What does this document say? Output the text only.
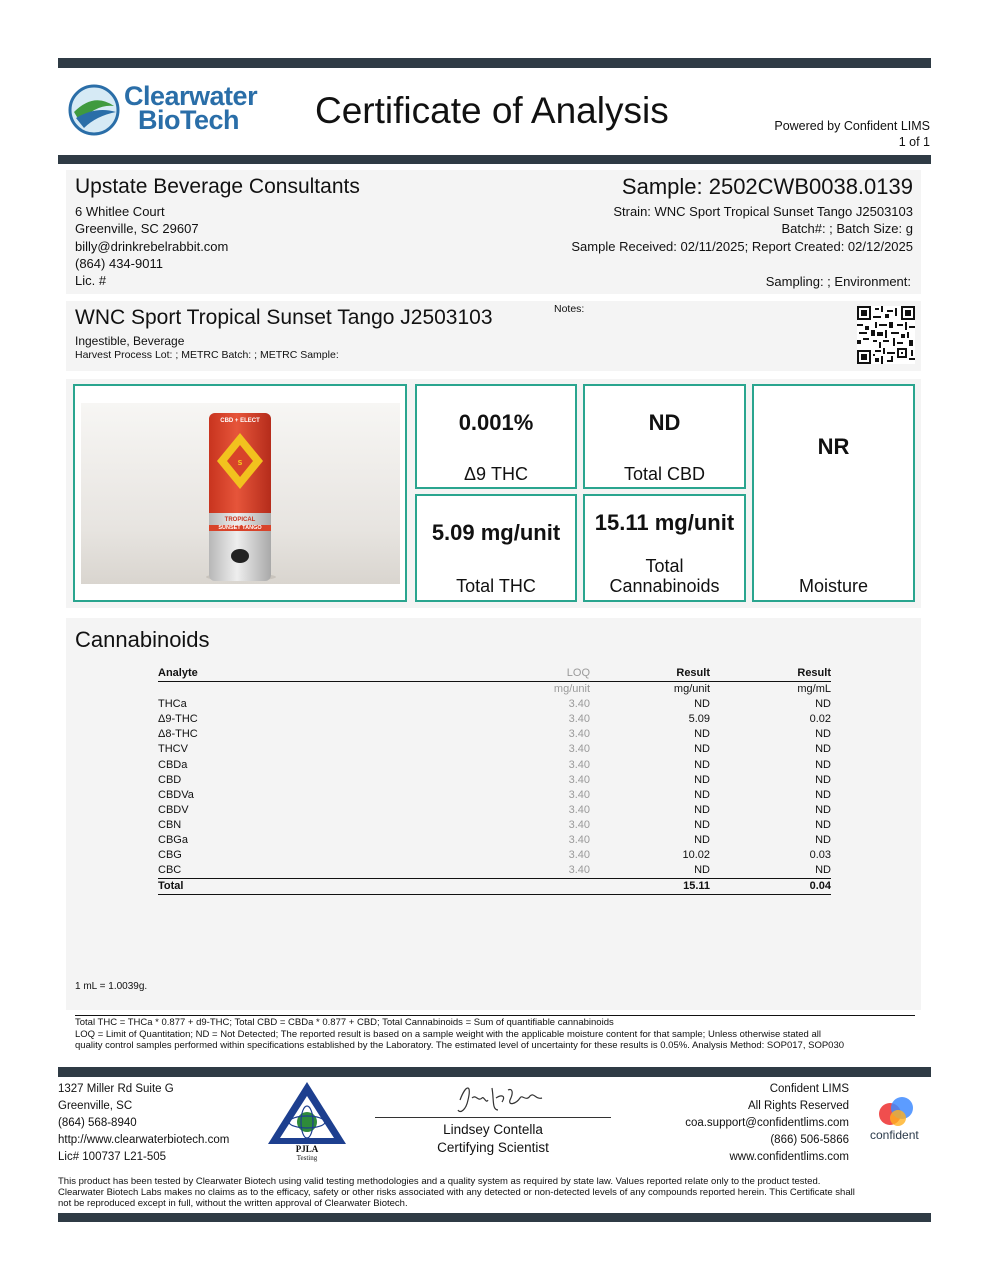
Clearwater
BioTech	Certificate of Analysis	Powered by Confident LIMS
1 of 1
Upstate Beverage Consultants
6 Whitlee Court
Greenville, SC 29607
billy@drinkrebelrabbit.com
(864) 434-9011
Lic. #
Sample: 2502CWB0038.0139
Strain: WNC Sport Tropical Sunset Tango J2503103
Batch#: ; Batch Size: g
Sample Received: 02/11/2025; Report Created: 02/12/2025
Sampling: ; Environment:
WNC Sport Tropical Sunset Tango J2503103
Ingestible, Beverage
Harvest Process Lot: ; METRC Batch: ; METRC Sample:
Notes:
CBD + ELECT
S
TROPICAL
SUNSET TANGO
0.001%
Δ9 THC
ND
Total CBD
NR
Moisture
5.09 mg/unit
Total THC
15.11 mg/unit
Total
Cannabinoids
Cannabinoids
Analyte	LOQ	Result	Result
	mg/unit	mg/unit	mg/mL
THCa	3.40	ND	ND
Δ9-THC	3.40	5.09	0.02
Δ8-THC	3.40	ND	ND
THCV	3.40	ND	ND
CBDa	3.40	ND	ND
CBD	3.40	ND	ND
CBDVa	3.40	ND	ND
CBDV	3.40	ND	ND
CBN	3.40	ND	ND
CBGa	3.40	ND	ND
CBG	3.40	10.02	0.03
CBC	3.40	ND	ND
Total		15.11	0.04
1 mL = 1.0039g.
Total THC = THCa * 0.877 + d9-THC; Total CBD = CBDa * 0.877 + CBD; Total Cannabinoids = Sum of quantifiable cannabinoids
LOQ = Limit of Quantitation; ND = Not Detected; The reported result is based on a sample weight with the applicable moisture content for that sample; Unless otherwise stated all
quality control samples performed within specifications established by the Laboratory. The estimated level of uncertainty for these results is 0.05%. Analysis Method: SOP017, SOP030
1327 Miller Rd Suite G
Greenville, SC
(864) 568-8940
http://www.clearwaterbiotech.com
Lic# 100737 L21-505
PJLA
Testing
Lindsey Contella
Certifying Scientist
Confident LIMS
All Rights Reserved
coa.support@confidentlims.com
(866) 506-5866
www.confidentlims.com
confident
This product has been tested by Clearwater Biotech using valid testing methodologies and a quality system as required by state law. Values reported relate only to the product tested.
Clearwater Biotech Labs makes no claims as to the efficacy, safety or other risks associated with any detected or non-detected levels of any compounds reported herein. This Certificate shall
not be reproduced except in full, without the written approval of Clearwater Biotech.
